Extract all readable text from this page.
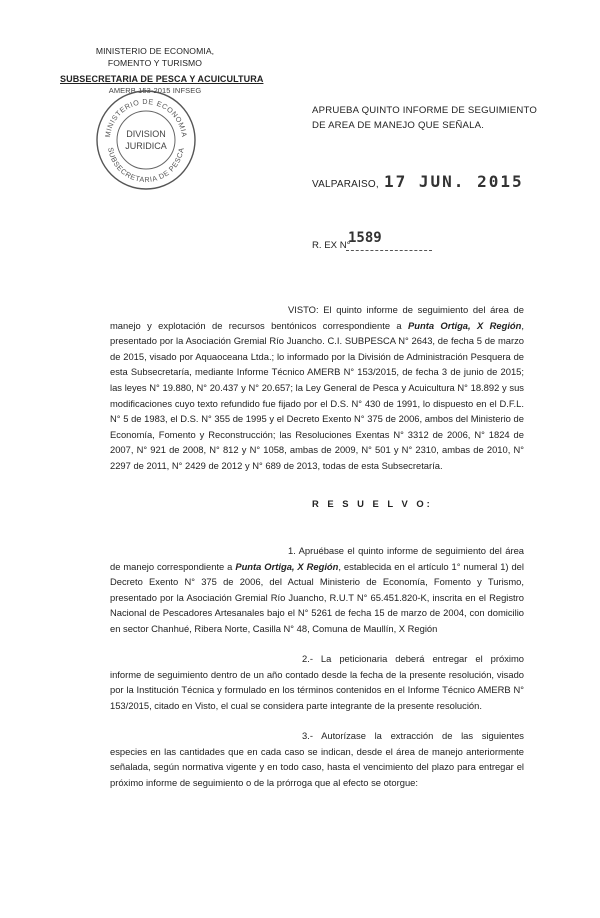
MINISTERIO DE ECONOMIA,
FOMENTO Y TURISMO
SUBSECRETARIA DE PESCA Y ACUICULTURA
AMERB 153-2015 INFSEG
MINISTERIO DE ECONOMIA
SUBSECRETARIA DE PESCA
DIVISION
JURIDICA
APRUEBA QUINTO INFORME DE SEGUIMIENTO DE AREA DE MANEJO QUE SEÑALA.
VALPARAISO, 17 JUN. 2015
R. EX N°
1589
VISTO: El quinto informe de seguimiento del área de manejo y explotación de recursos bentónicos correspondiente a Punta Ortiga, X Región, presentado por la Asociación Gremial Río Juancho. C.I. SUBPESCA N° 2643, de fecha 5 de marzo de 2015, visado por Aquaoceana Ltda.; lo informado por la División de Administración Pesquera de esta Subsecretaría, mediante Informe Técnico AMERB N° 153/2015, de fecha 3 de junio de 2015; las leyes N° 19.880, N° 20.437 y N° 20.657; la Ley General de Pesca y Acuicultura N° 18.892 y sus modificaciones cuyo texto refundido fue fijado por el D.S. N° 430 de 1991, lo dispuesto en el D.F.L. N° 5 de 1983, el D.S. N° 355 de 1995 y el Decreto Exento N° 375 de 2006, ambos del Ministerio de Economía, Fomento y Reconstrucción; las Resoluciones Exentas N° 3312 de 2006, N° 1824 de 2007, N° 921 de 2008, N° 812 y N° 1058, ambas de 2009, N° 501 y N° 2310, ambas de 2010, N° 2297 de 2011, N° 2429 de 2012 y N° 689 de 2013, todas de esta Subsecretaría.
R E S U E L V O:
1. Apruébase el quinto informe de seguimiento del área de manejo correspondiente a Punta Ortiga, X Región, establecida en el artículo 1° numeral 1) del Decreto Exento N° 375 de 2006, del Actual Ministerio de Economía, Fomento y Turismo, presentado por la Asociación Gremial Río Juancho, R.U.T N° 65.451.820-K, inscrita en el Registro Nacional de Pescadores Artesanales bajo el N° 5261 de fecha 15 de marzo de 2004, con domicilio en sector Chanhué, Ribera Norte, Casilla N° 48, Comuna de Maullín, X Región
2.- La peticionaria deberá entregar el próximo informe de seguimiento dentro de un año contado desde la fecha de la presente resolución, visado por la Institución Técnica y formulado en los términos contenidos en el Informe Técnico AMERB N° 153/2015, citado en Visto, el cual se considera parte integrante de la presente resolución.
3.- Autorízase la extracción de las siguientes especies en las cantidades que en cada caso se indican, desde el área de manejo anteriormente señalada, según normativa vigente y en todo caso, hasta el vencimiento del plazo para entregar el próximo informe de seguimiento o de la prórroga que al efecto se otorgue:
